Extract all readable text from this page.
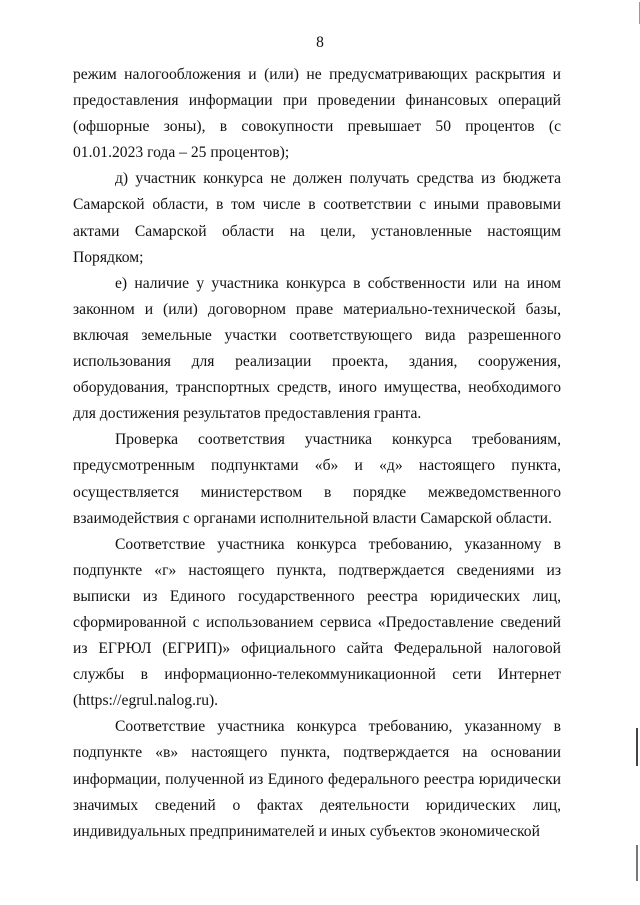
8

режим налогообложения и (или) не предусматривающих раскрытия и предоставления информации при проведении финансовых операций (офшорные зоны), в совокупности превышает 50 процентов (с 01.01.2023 года – 25 процентов);

д) участник конкурса не должен получать средства из бюджета Самарской области, в том числе в соответствии с иными правовыми актами Самарской области на цели, установленные настоящим Порядком;

е) наличие у участника конкурса в собственности или на ином законном и (или) договорном праве материально-технической базы, включая земельные участки соответствующего вида разрешенного использования для реализации проекта, здания, сооружения, оборудования, транспортных средств, иного имущества, необходимого для достижения результатов предоставления гранта.

Проверка соответствия участника конкурса требованиям, предусмотренным подпунктами «б» и «д» настоящего пункта, осуществляется министерством в порядке межведомственного взаимодействия с органами исполнительной власти Самарской области.

Соответствие участника конкурса требованию, указанному в подпункте «г» настоящего пункта, подтверждается сведениями из выписки из Единого государственного реестра юридических лиц, сформированной с использованием сервиса «Предоставление сведений из ЕГРЮЛ (ЕГРИП)» официального сайта Федеральной налоговой службы в информационно-телекоммуникационной сети Интернет (https://egrul.nalog.ru).

Соответствие участника конкурса требованию, указанному в подпункте «в» настоящего пункта, подтверждается на основании информации, полученной из Единого федерального реестра юридически значимых сведений о фактах деятельности юридических лиц, индивидуальных предпринимателей и иных субъектов экономической
